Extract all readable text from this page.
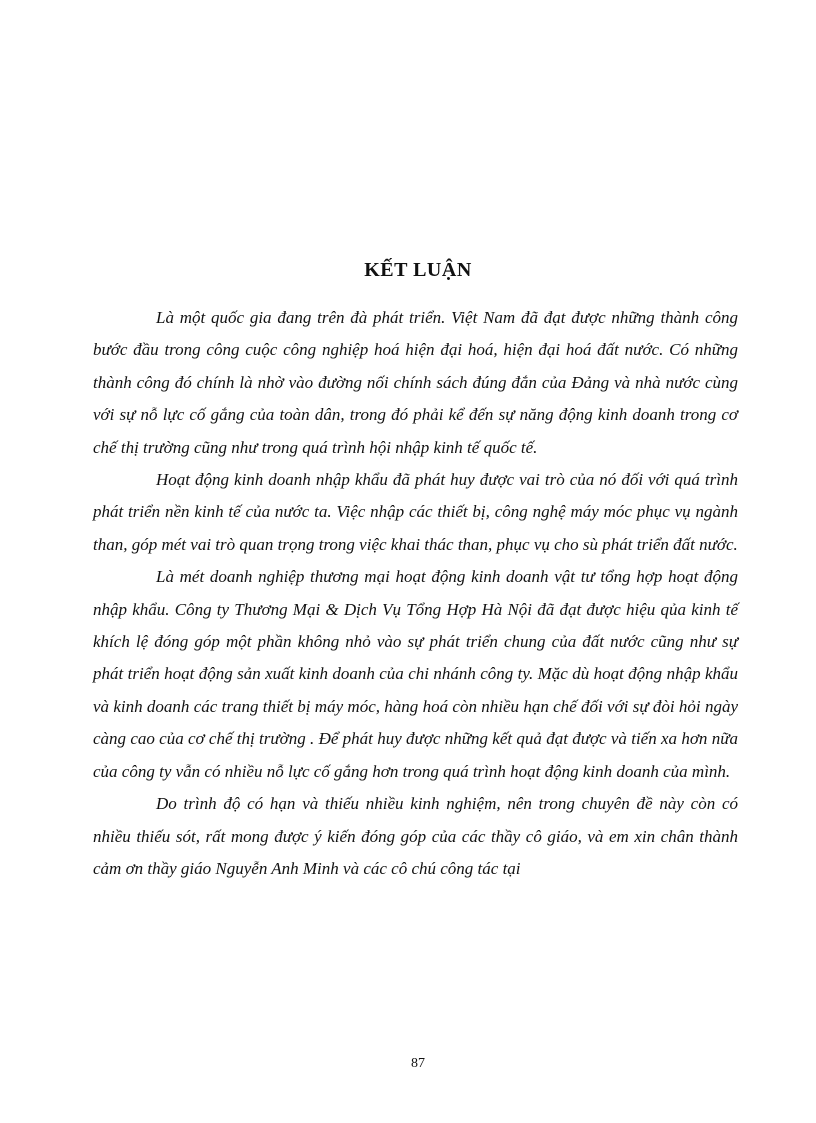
KẾT LUẬN

Là một quốc gia đang trên đà phát triển. Việt Nam đã đạt được những thành công bước đầu trong công cuộc công nghiệp hoá hiện đại hoá, hiện đại hoá đất nước. Có những thành công đó chính là nhờ vào đường nối chính sách đúng đắn của Đảng và nhà nước cùng với sự nỗ lực cố gắng của toàn dân, trong đó phải kể đến sự năng động kinh doanh trong cơ chế thị trường cũng như trong quá trình hội nhập kinh tế quốc tế.

Hoạt động kinh doanh nhập khẩu đã phát huy được vai trò của nó đối với quá trình phát triển nền kinh tế của nước ta. Việc nhập các thiết bị, công nghệ máy móc phục vụ ngành than, góp mét vai trò quan trọng trong việc khai thác than, phục vụ cho sù phát triển đất nước.

Là mét doanh nghiệp thương mại hoạt động kinh doanh vật tư tổng hợp hoạt động nhập khẩu. Công ty Thương Mại & Dịch Vụ Tổng Hợp Hà Nội đã đạt được hiệu qủa kinh tế khích lệ đóng góp một phần không nhỏ vào sự phát triển chung của đất nước cũng như sự phát triển hoạt động sản xuất kinh doanh của chi nhánh công ty. Mặc dù hoạt động nhập khẩu và kinh doanh các trang thiết bị máy móc, hàng hoá còn nhiều hạn chế đối với sự đòi hỏi ngày càng cao của cơ chế thị trường . Để phát huy được những kết quả đạt được và tiến xa hơn nữa của công ty vẫn có nhiều nỗ lực cố gắng hơn trong quá trình hoạt động kinh doanh của mình.

Do trình độ có hạn và thiếu nhiều kinh nghiệm, nên trong chuyên đề này còn có nhiều thiếu sót, rất mong được ý kiến đóng góp của các thầy cô giáo, và em xin chân thành cảm ơn thầy giáo Nguyễn Anh Minh và các cô chú công tác tại

87
